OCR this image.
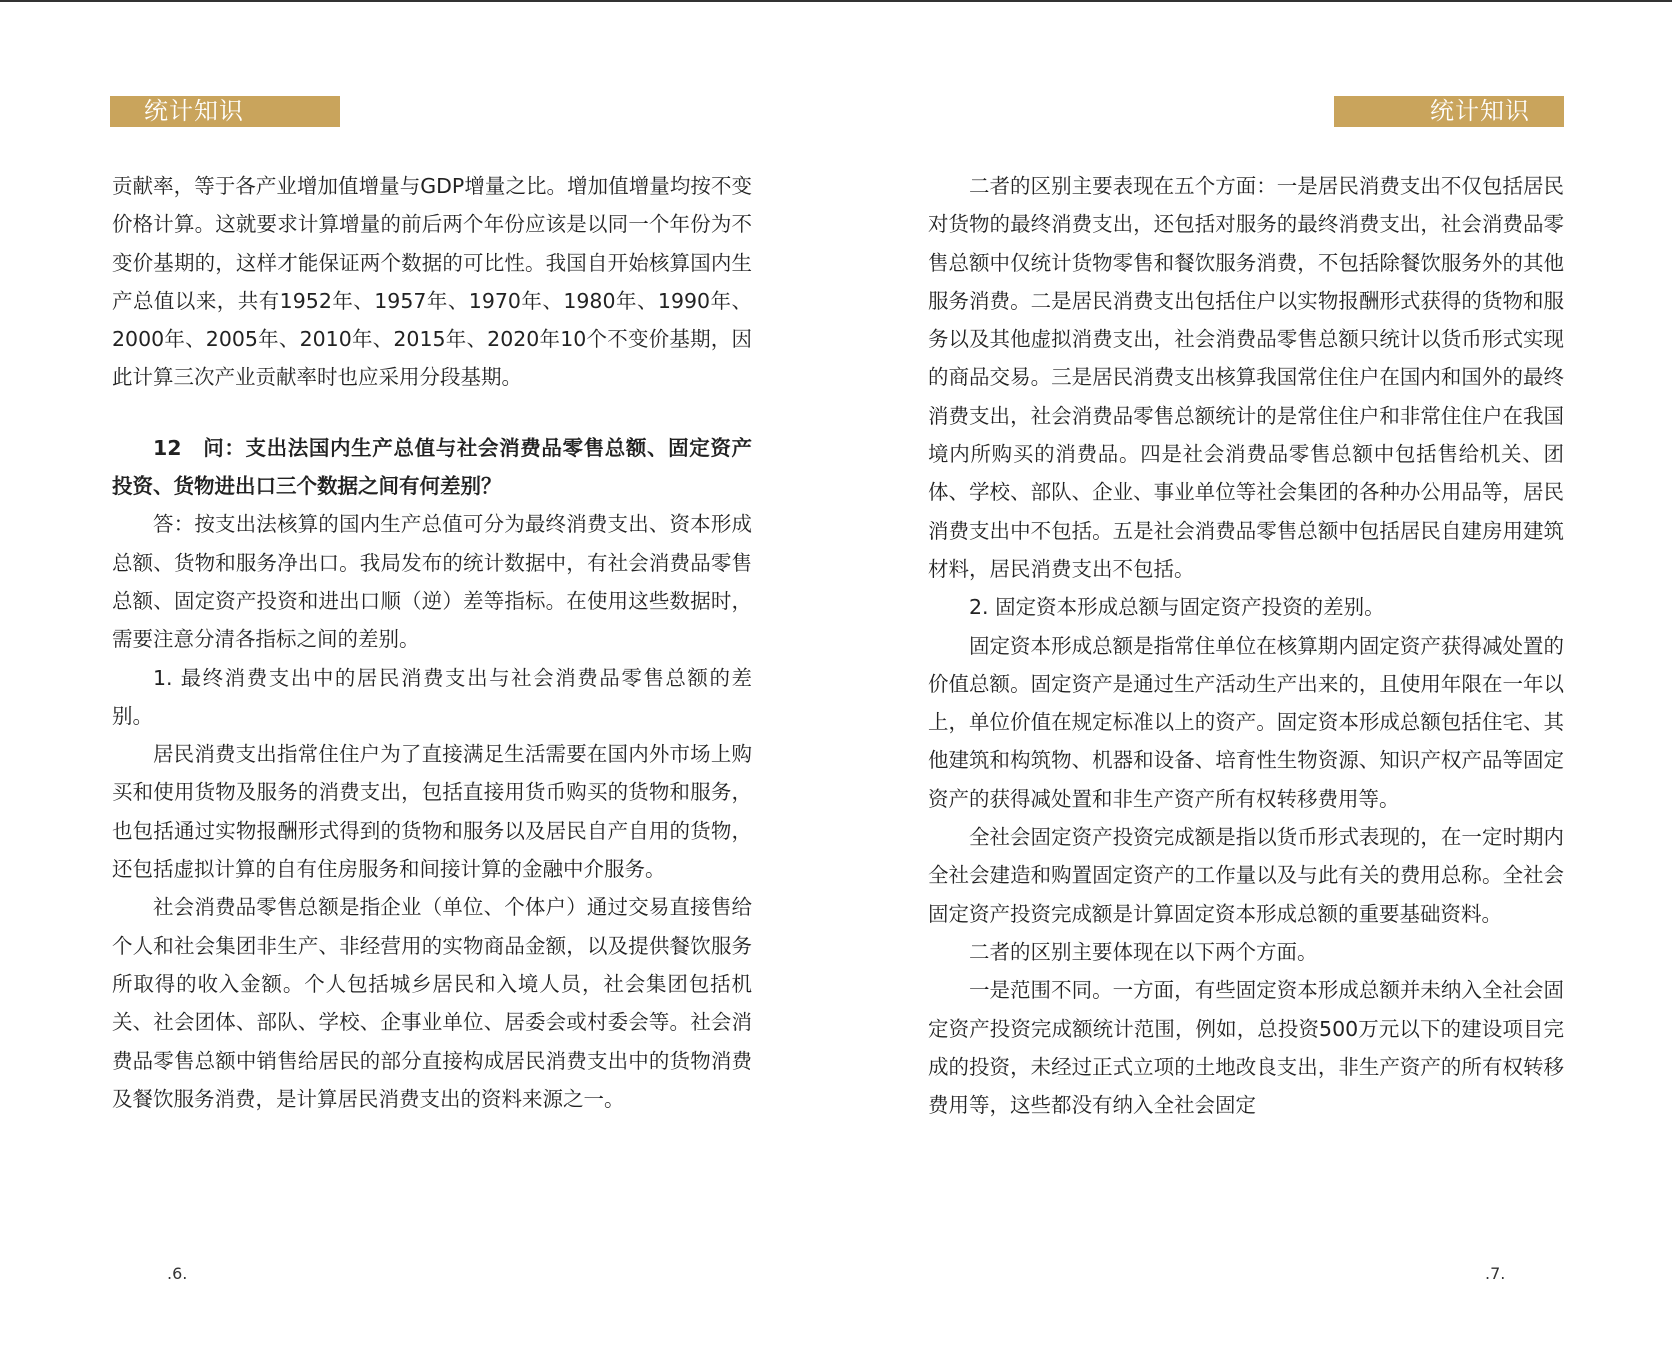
统计知识

贡献率，等于各产业增加值增量与GDP增量之比。增加值增量均按不变价格计算。这就要求计算增量的前后两个年份应该是以同一个年份为不变价基期的，这样才能保证两个数据的可比性。我国自开始核算国内生产总值以来，共有1952年、1957年、1970年、1980年、1990年、2000年、2005年、2010年、2015年、2020年10个不变价基期，因此计算三次产业贡献率时也应采用分段基期。

12　问：支出法国内生产总值与社会消费品零售总额、固定资产投资、货物进出口三个数据之间有何差别？

答：按支出法核算的国内生产总值可分为最终消费支出、资本形成总额、货物和服务净出口。我局发布的统计数据中，有社会消费品零售总额、固定资产投资和进出口顺（逆）差等指标。在使用这些数据时，需要注意分清各指标之间的差别。

1. 最终消费支出中的居民消费支出与社会消费品零售总额的差别。

居民消费支出指常住住户为了直接满足生活需要在国内外市场上购买和使用货物及服务的消费支出，包括直接用货币购买的货物和服务，也包括通过实物报酬形式得到的货物和服务以及居民自产自用的货物，还包括虚拟计算的自有住房服务和间接计算的金融中介服务。

社会消费品零售总额是指企业（单位、个体户）通过交易直接售给个人和社会集团非生产、非经营用的实物商品金额，以及提供餐饮服务所取得的收入金额。个人包括城乡居民和入境人员，社会集团包括机关、社会团体、部队、学校、企事业单位、居委会或村委会等。社会消费品零售总额中销售给居民的部分直接构成居民消费支出中的货物消费及餐饮服务消费，是计算居民消费支出的资料来源之一。

.6.
统计知识

二者的区别主要表现在五个方面：一是居民消费支出不仅包括居民对货物的最终消费支出，还包括对服务的最终消费支出，社会消费品零售总额中仅统计货物零售和餐饮服务消费，不包括除餐饮服务外的其他服务消费。二是居民消费支出包括住户以实物报酬形式获得的货物和服务以及其他虚拟消费支出，社会消费品零售总额只统计以货币形式实现的商品交易。三是居民消费支出核算我国常住住户在国内和国外的最终消费支出，社会消费品零售总额统计的是常住住户和非常住住户在我国境内所购买的消费品。四是社会消费品零售总额中包括售给机关、团体、学校、部队、企业、事业单位等社会集团的各种办公用品等，居民消费支出中不包括。五是社会消费品零售总额中包括居民自建房用建筑材料，居民消费支出不包括。

2. 固定资本形成总额与固定资产投资的差别。

固定资本形成总额是指常住单位在核算期内固定资产获得减处置的价值总额。固定资产是通过生产活动生产出来的，且使用年限在一年以上，单位价值在规定标准以上的资产。固定资本形成总额包括住宅、其他建筑和构筑物、机器和设备、培育性生物资源、知识产权产品等固定资产的获得减处置和非生产资产所有权转移费用等。

全社会固定资产投资完成额是指以货币形式表现的，在一定时期内全社会建造和购置固定资产的工作量以及与此有关的费用总称。全社会固定资产投资完成额是计算固定资本形成总额的重要基础资料。

二者的区别主要体现在以下两个方面。

一是范围不同。一方面，有些固定资本形成总额并未纳入全社会固定资产投资完成额统计范围，例如，总投资500万元以下的建设项目完成的投资，未经过正式立项的土地改良支出，非生产资产的所有权转移费用等，这些都没有纳入全社会固定

.7.
